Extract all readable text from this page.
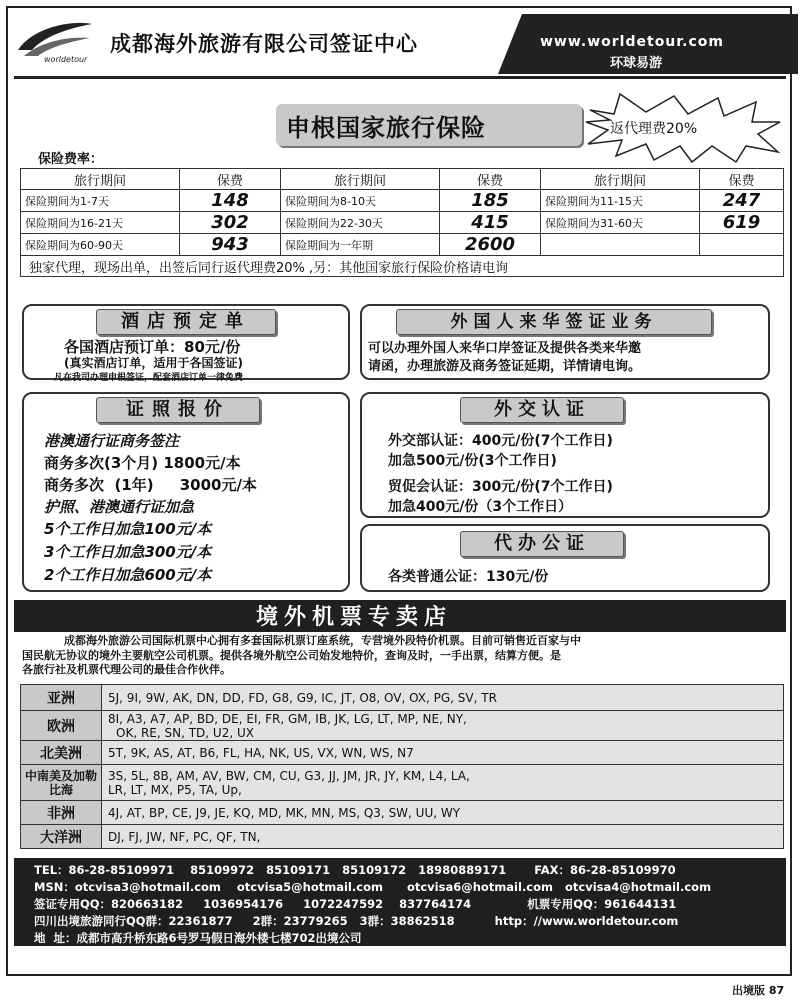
worldetour
成都海外旅游有限公司签证中心	www.worldetour.com
环球易游
申根国家旅行保险	返代理费20%
保险费率：
旅行期间	保费	旅行期间	保费	旅行期间	保费
保险期间为1-7天	148	保险期间为8-10天	185	保险期间为11-15天	247
保险期间为16-21天	302	保险期间为22-30天	415	保险期间为31-60天	619
保险期间为60-90天	943	保险期间为一年期	2600		
独家代理，现场出单，出签后同行返代理费20% ,另：其他国家旅行保险价格请电询					
酒店预定单
各国酒店预订单：80元/份
(真实酒店订单，适用于各国签证)
凡在我司办理申根签证，配套酒店订单一律免费
外国人来华签证业务
可以办理外国人来华口岸签证及提供各类来华邀
请函，办理旅游及商务签证延期，详情请电询。
证照报价
港澳通行证商务签注
商务多次(3个月) 1800元/本
商务多次  (1年)     3000元/本
护照、港澳通行证加急
5个工作日加急100元/本
3个工作日加急300元/本
2个工作日加急600元/本
外交认证
外交部认证：400元/份(7个工作日)
加急500元/份(3个工作日)
贸促会认证：300元/份(7个工作日)
加急400元/份（3个工作日）
代办公证
各类普通公证：130元/份
境外机票专卖店
成都海外旅游公司国际机票中心拥有多套国际机票订座系统，专营境外段特价机票。目前可销售近百家与中
国民航无协议的境外主要航空公司机票。提供各境外航空公司始发地特价，查询及时，一手出票，结算方便。是
各旅行社及机票代理公司的最佳合作伙伴。
亚洲	5J, 9I, 9W, AK, DN, DD, FD, G8, G9, IC, JT, O8, OV, OX, PG, SV, TR

欧洲	8I, A3, A7, AP, BD, DE, EI, FR, GM, IB, JK, LG, LT, MP, NE, NY,
OK, RE, SN, TD, U2, UX

北美洲	5T, 9K, AS, AT, B6, FL, HA, NK, US, VX, WN, WS, N7

中南美及加勒比海	3S, 5L, 8B, AM, AV, BW, CM, CU, G3, JJ, JM, JR, JY, KM, L4, LA,
LR, LT, MX, P5, TA, Up,

非洲	4J, AT, BP, CE, J9, JE, KQ, MD, MK, MN, MS, Q3, SW, UU, WY

大洋洲	DJ, FJ, JW, NF, PC, QF, TN,
TEL：86-28-85109971    85109972   85109171   85109172   18980889171       FAX：86-28-85109970
MSN：otcvisa3@hotmail.com    otcvisa5@hotmail.com      otcvisa6@hotmail.com   otcvisa4@hotmail.com
签证专用QQ：820663182     1036954176     1072247592    837764174              机票专用QQ：961644131
四川出境旅游同行QQ群：22361877     2群：23779265   3群：38862518          http：//www.worldetour.com
地  址：成都市高升桥东路6号罗马假日海外楼七楼702出境公司
出境版 87
